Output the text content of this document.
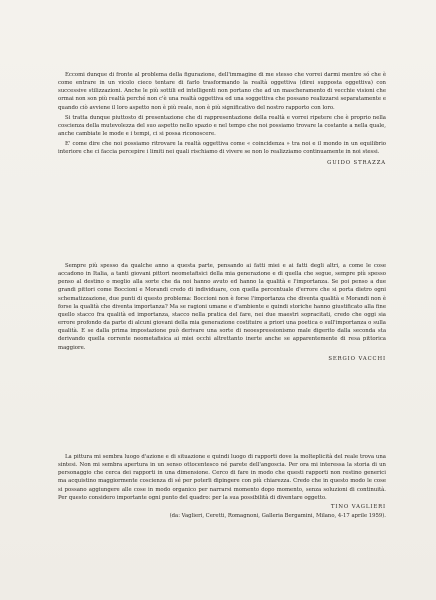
Eccomi dunque di fronte al problema della figurazione, dell'immagine di me stesso che vorrei darmi mentre só che è come entrare in un vicolo cieco tentare di farlo trasformando la realtà oggettiva (direi supposta oggettiva) con successive stilizzazioni. Anche le più sottili ed intelligenti non portano che ad un mascheramento di vecchie visioni che ormai non son più realtà perché non c'è una realtà oggettiva ed una soggettiva che possano realizzarsi separatamente e quando ciò avviene il loro aspetto non è più reale, non è più significativo del nostro rapporto con loro.

Si tratta dunque piuttosto di presentazione che di rappresentazione della realtà e vorrei ripetere che è proprio nella coscienza della mutevolezza del suo aspetto nello spazio e nel tempo che noi possiamo trovare la costante a nella quale, anche cambiate le mode e i tempi, ci si possa riconoscere.

E' come dire che noi possiamo ritrovare la realtà oggettiva come « coincidenza » tra noi e il mondo in un equilibrio interiore che ci faccia percepire i limiti nei quali rischiamo di vivere se non lo realizziamo continuamente in noi stessi.

GUIDO STRAZZA

Sempre più spesso da qualche anno a questa parte, pensando ai fatti miei e ai fatti degli altri, a come le cose accadono in Italia, a tanti giovani pittori neometafisici della mia generazione e di quella che segue, sempre più spesso penso al destino o meglio alla sorte che da noi hanno avuto ed hanno la qualità e l'importanza. Se poi penso a due grandi pittori come Boccioni e Morandi credo di individuare, con quella percentuale d'errore che si porta dietro ogni schematizzazione, due punti di questo problema: Boccioni non è forse l'importanza che diventa qualità e Morandi non è forse la qualità che diventa importanza? Ma se ragioni umane e d'ambiente e quindi storiche hanno giustificato alla fine quello stacco fra qualità ed importanza, stacco nella pratica del fare, nei due maestri sopracitati, credo che oggi sia errore profondo da parte di alcuni giovani della mia generazione costituire a priori una poetica o sull'importanza o sulla qualità. E se dalla prima impostazione può derivare una sorte di neoespressionismo male digerito dalla seconda sta derivando quella corrente neometafisica ai miei occhi altrettanto inerte anche se apparentemente di resa pittorica maggiore.

SERGIO VACCHI

La pittura mi sembra luogo d'azione e di situazione e quindi luogo di rapporti dove la molteplicità del reale trova una sintesi. Non mi sembra apertura in un senso ottocentesco né parete dell'angoscia. Per ora mi interessa la storia di un personaggio che cerca dei rapporti in una dimensione. Cerco di fare in modo che questi rapporti non restino generici ma acquistino maggiormente coscienza di sé per poterli dipingere con più chiarezza. Credo che in questo modo le cose si possano aggiungere alle cose in modo organico per narrarsi momento dopo momento, senza soluzioni di continuità. Per questo considero importante ogni punto del quadro: per la sua possibilità di diventare oggetto.

TINO VAGLIERI

(da: Vaglieri, Ceretti, Romagnoni, Galleria Bergamini, Milano, 4-17 aprile 1959).
